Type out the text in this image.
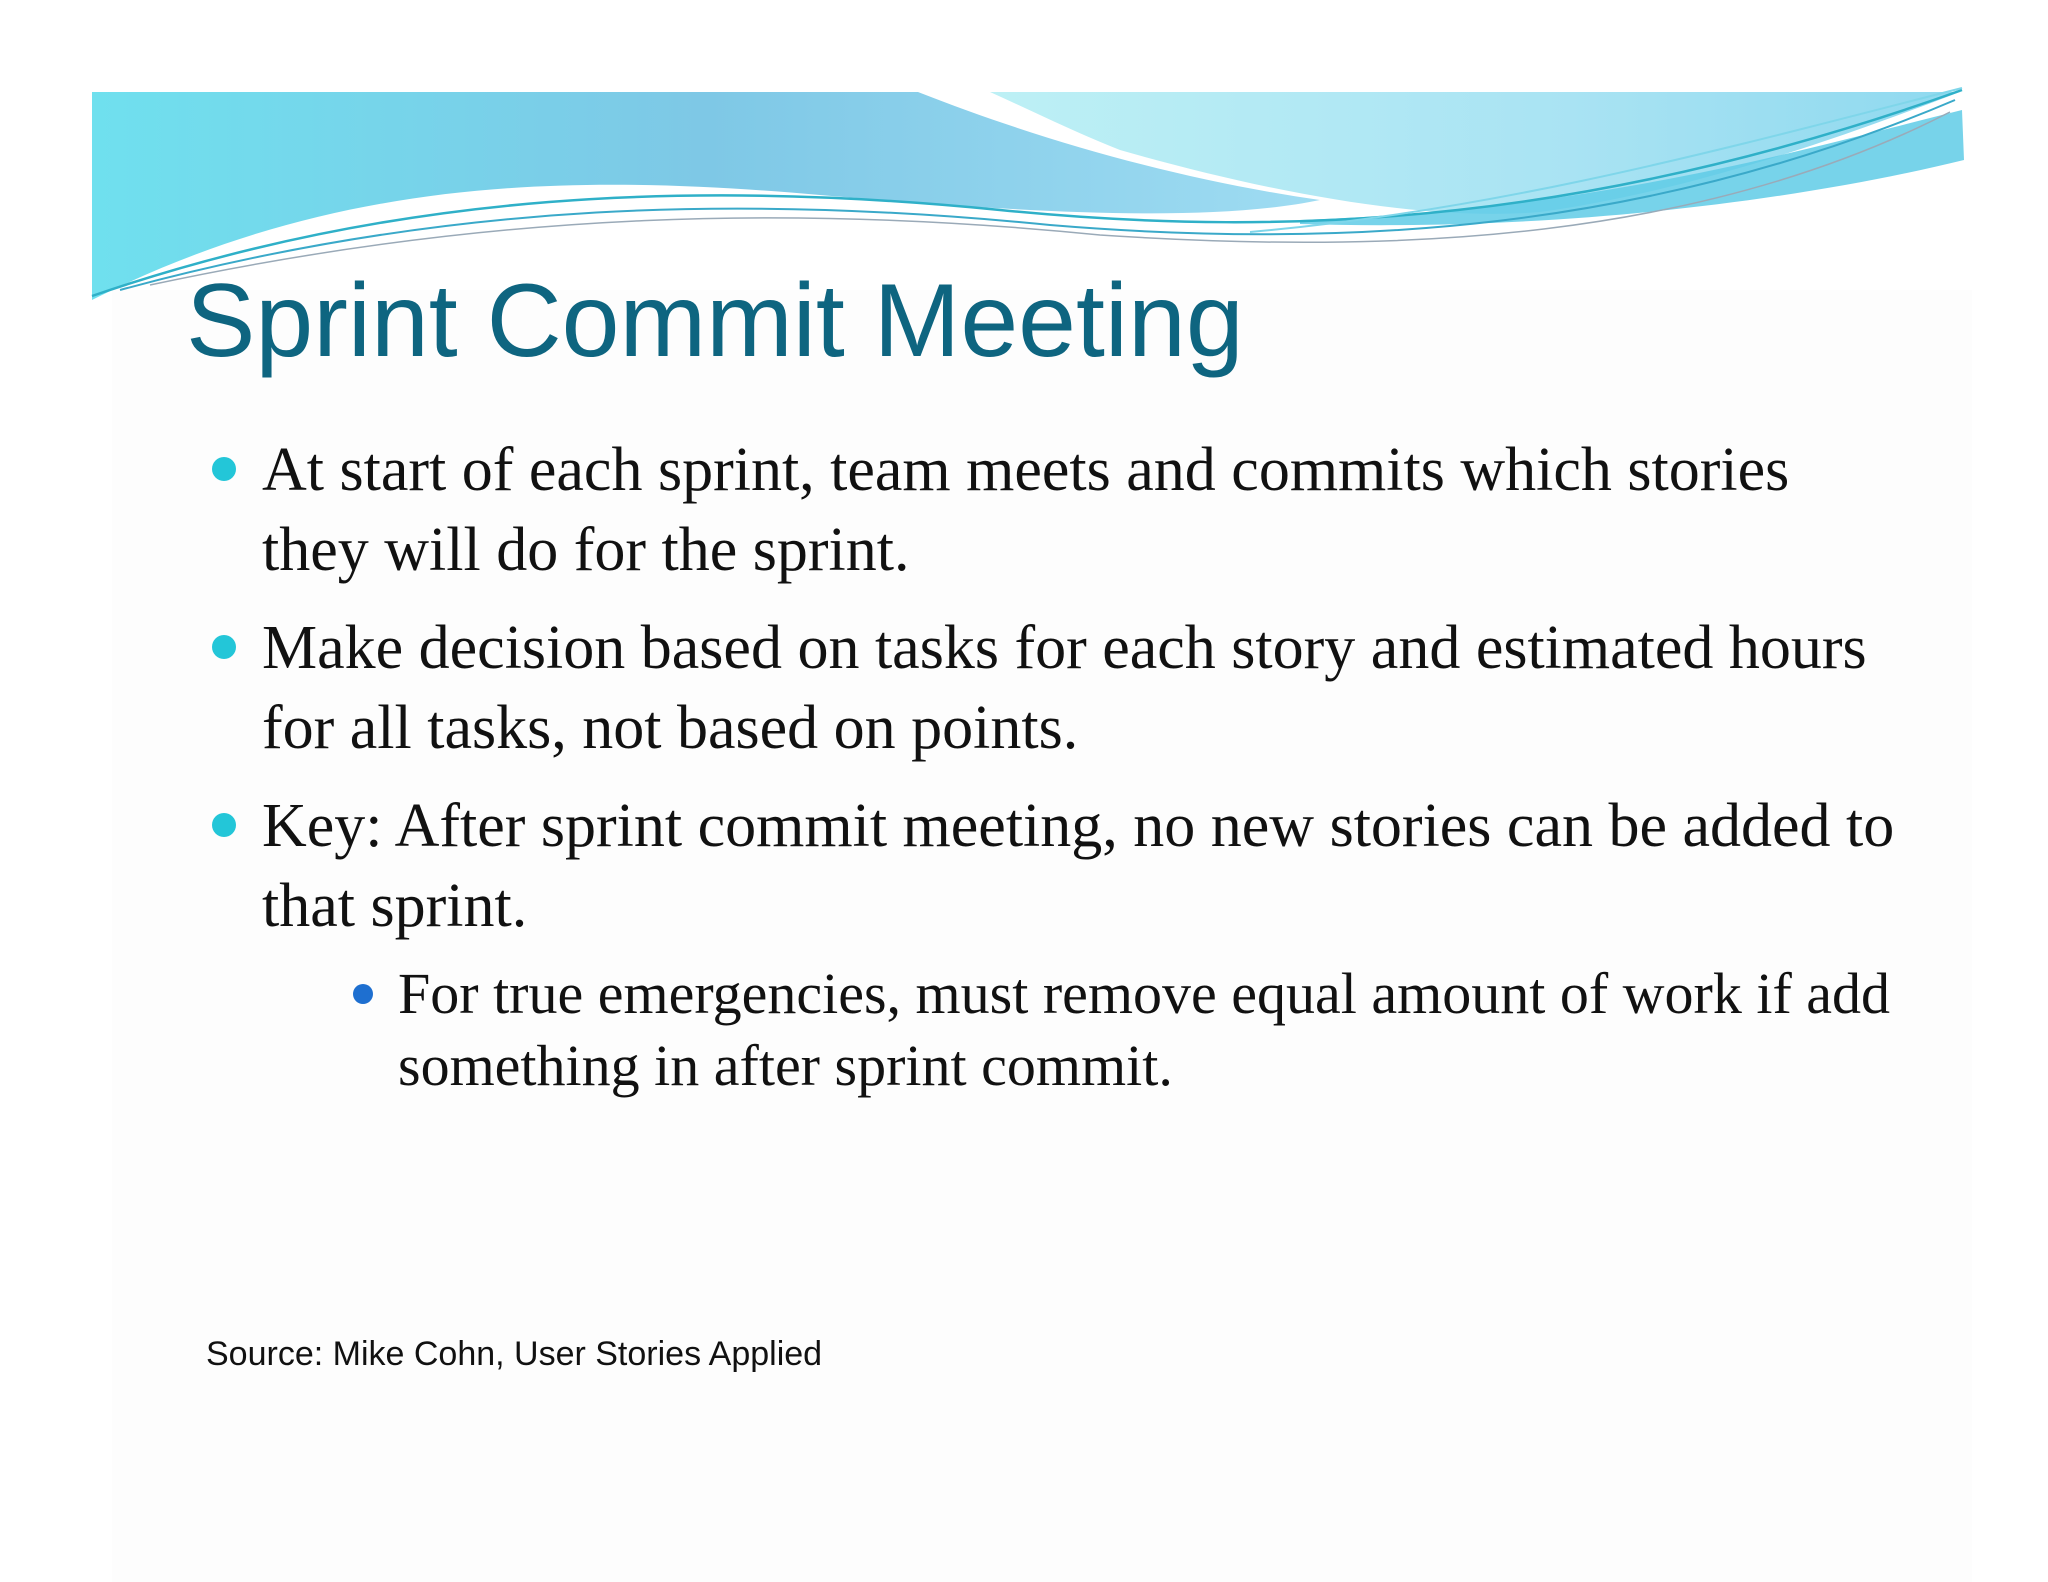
Sprint Commit Meeting
At start of each sprint, team meets and commits which stories they will do for the sprint.
Make decision based on tasks for each story and estimated hours for all tasks, not based on points.
Key: After sprint commit meeting, no new stories can be added to that sprint.
For true emergencies, must remove equal amount of work if add something in after sprint commit.

Source: Mike Cohn, User Stories Applied
